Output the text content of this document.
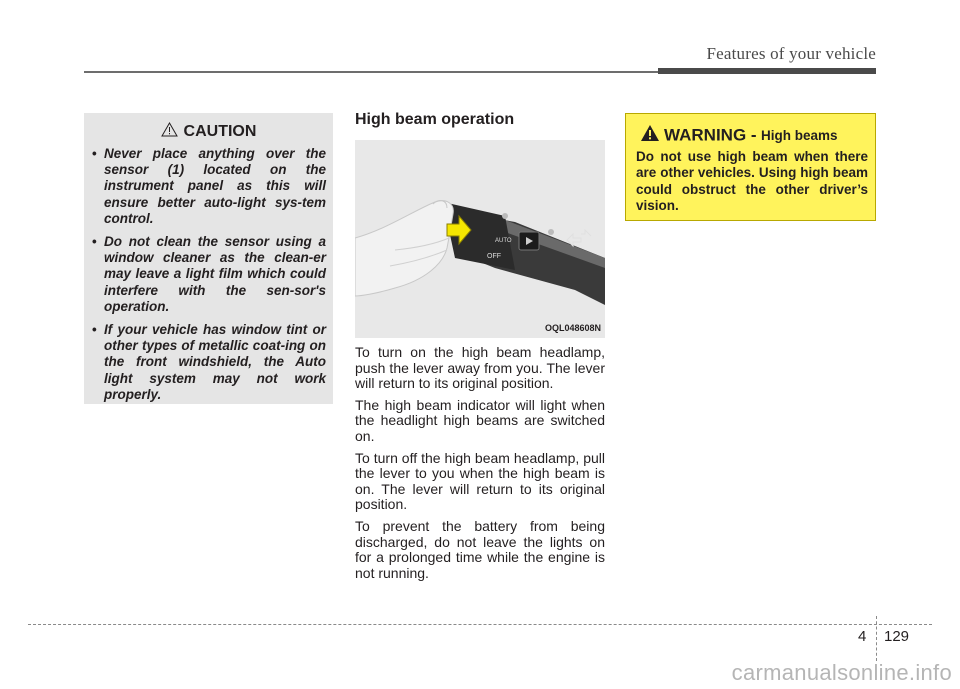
Features of your vehicle
CAUTION
• Never place anything over the sensor (1) located on the instrument panel as this will ensure better auto-light sys-tem control.
• Do not clean the sensor using a window cleaner as the clean-er may leave a light film which could interfere with the sen-sor's operation.
• If your vehicle has window tint or other types of metallic coat-ing on the front windshield, the Auto light system may not work properly.
High beam operation
OFF
AUTO
OQL048608N

To turn on the high beam headlamp, push the lever away from you. The lever will return to its original position.

The high beam indicator will light when the headlight high beams are switched on.

To turn off the high beam headlamp, pull the lever to you when the high beam is on. The lever will return to its original position.

To prevent the battery from being discharged, do not leave the lights on for a prolonged time while the engine is not running.

WARNING - High beams
Do not use high beam when there are other vehicles. Using high beam could obstruct the other driver’s vision.
4 129
carmanualsonline.info
